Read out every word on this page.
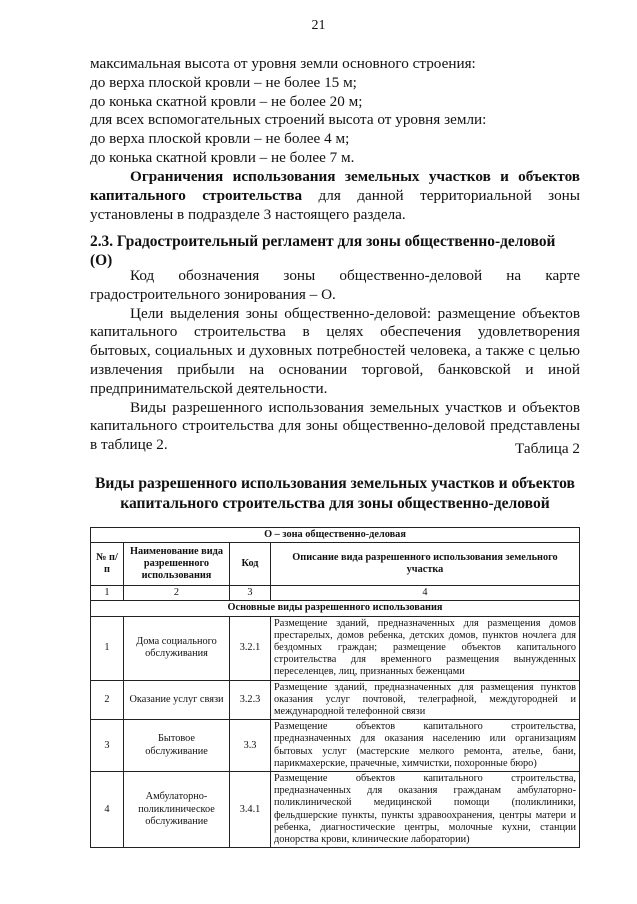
21
максимальная высота от уровня земли основного строения:
до верха плоской кровли – не более 15 м;
до конька скатной кровли – не более 20 м;
для всех вспомогательных строений высота от уровня земли:
до верха плоской кровли – не более 4 м;
до конька скатной кровли – не более 7 м.
Ограничения использования земельных участков и объектов
капитального строительства для данной территориальной зоны
установлены в подразделе 3 настоящего раздела.
2.3. Градостроительный регламент для зоны общественно-деловой (О)
Код обозначения зоны общественно-деловой на карте
градостроительного зонирования – О.
Цели выделения зоны общественно-деловой: размещение объектов
капитального строительства в целях обеспечения удовлетворения
бытовых, социальных и духовных потребностей человека, а также с целью
извлечения прибыли на основании торговой, банковской и иной
предпринимательской деятельности.
Виды разрешенного использования земельных участков и объектов
капитального строительства для зоны общественно-деловой представлены
в таблице 2.	Таблица 2
Виды разрешенного использования земельных участков и объектов
капитального строительства для зоны общественно-деловой
О – зона общественно-деловая			
№ п/п	Наименование вида разрешенного использования	Код	Описание вида разрешенного использования земельного участка
1	2	3	4
Основные виды разрешенного использования			
1	Дома социального обслуживания	3.2.1	Размещение зданий, предназначенных для размещения домов престарелых, домов ребенка, детских домов, пунктов ночлега для бездомных граждан; размещение объектов капитального строительства для временного размещения вынужденных переселенцев, лиц, признанных беженцами
2	Оказание услуг связи	3.2.3	Размещение зданий, предназначенных для размещения пунктов оказания услуг почтовой, телеграфной, междугородней и международной телефонной связи
3	Бытовое обслуживание	3.3	Размещение объектов капитального строительства, предназначенных для оказания населению или организациям бытовых услуг (мастерские мелкого ремонта, ателье, бани, парикмахерские, прачечные, химчистки, похоронные бюро)
4	Амбулаторно-поликлиническое обслуживание	3.4.1	Размещение объектов капитального строительства, предназначенных для оказания гражданам амбулаторно-поликлинической медицинской помощи (поликлиники, фельдшерские пункты, пункты здравоохранения, центры матери и ребенка, диагностические центры, молочные кухни, станции донорства крови, клинические лаборатории)
